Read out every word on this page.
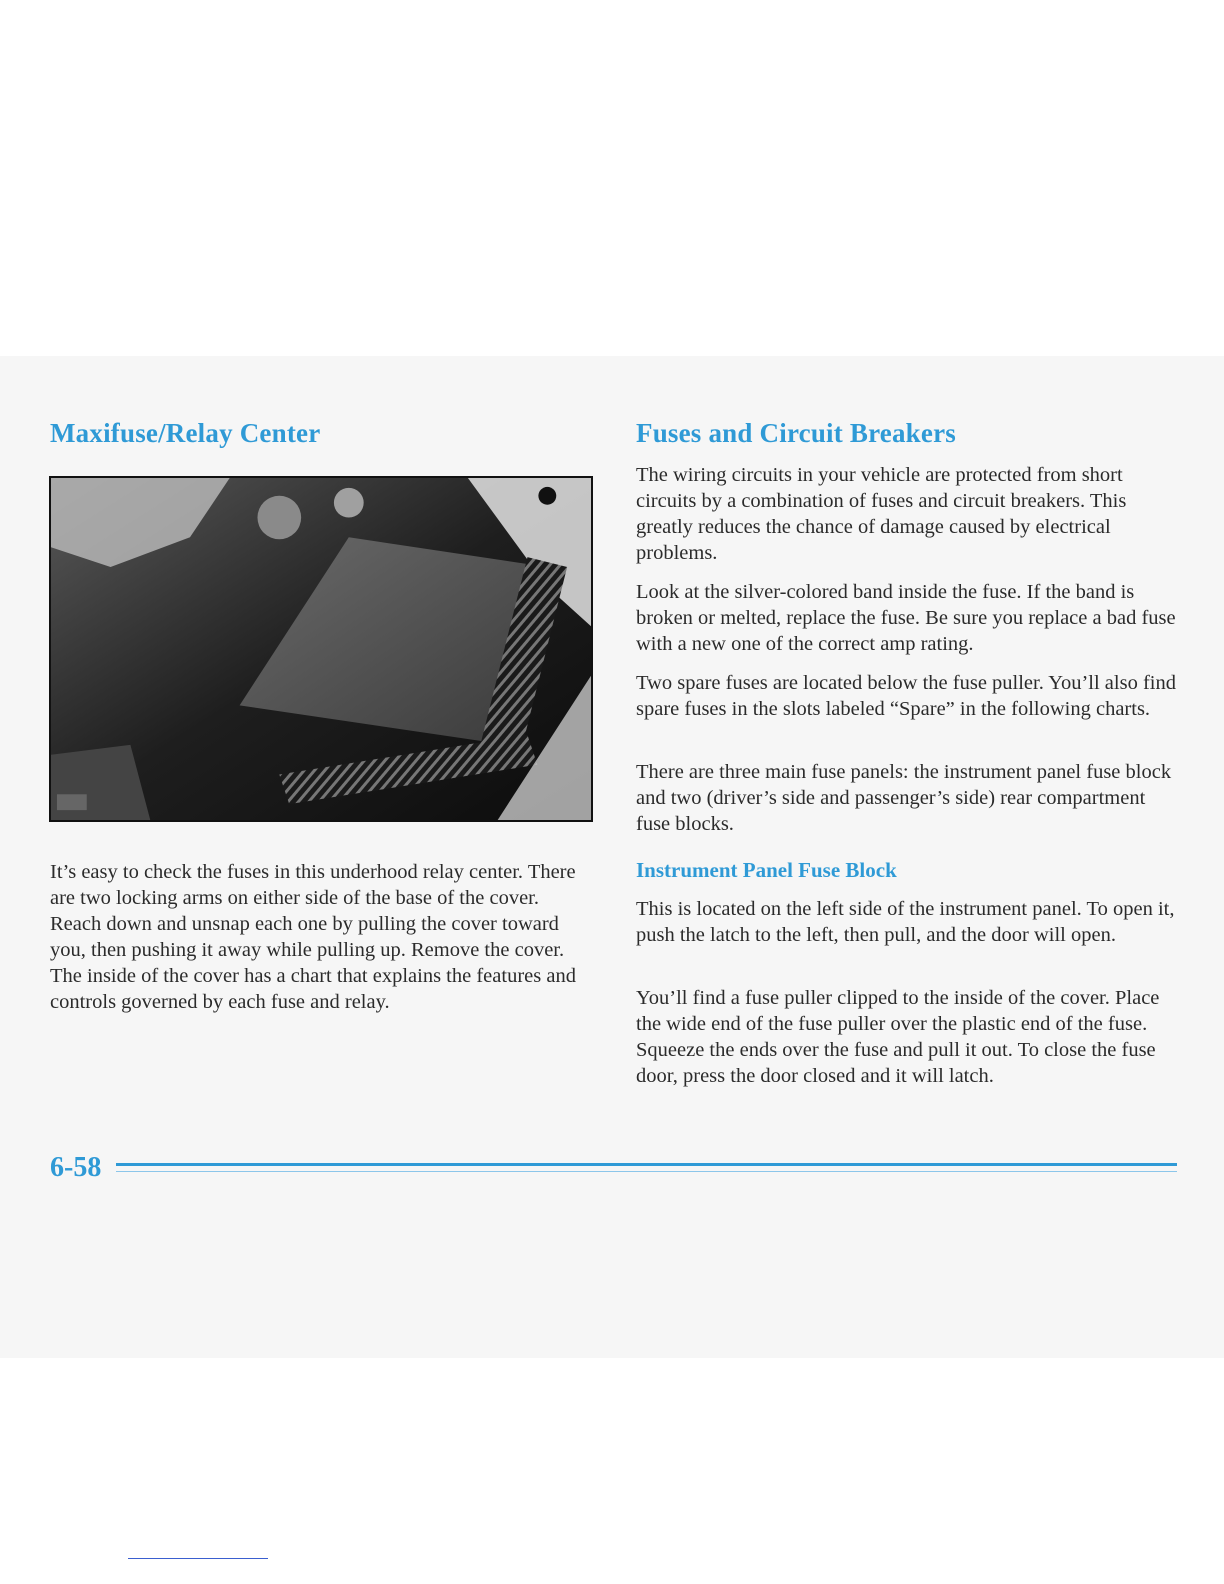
Maxifuse/Relay Center

It’s easy to check the fuses in this underhood relay center. There are two locking arms on either side of the base of the cover. Reach down and unsnap each one by pulling the cover toward you, then pushing it away while pulling up. Remove the cover. The inside of the cover has a chart that explains the features and controls governed by each fuse and relay.

Fuses and Circuit Breakers

The wiring circuits in your vehicle are protected from short circuits by a combination of fuses and circuit breakers. This greatly reduces the chance of damage caused by electrical problems.

Look at the silver-colored band inside the fuse. If the band is broken or melted, replace the fuse. Be sure you replace a bad fuse with a new one of the correct amp rating.

Two spare fuses are located below the fuse puller. You’ll also find spare fuses in the slots labeled “Spare” in the following charts.

There are three main fuse panels: the instrument panel fuse block and two (driver’s side and passenger’s side) rear compartment fuse blocks.

Instrument Panel Fuse Block

This is located on the left side of the instrument panel. To open it, push the latch to the left, then pull, and the door will open.

You’ll find a fuse puller clipped to the inside of the cover. Place the wide end of the fuse puller over the plastic end of the fuse. Squeeze the ends over the fuse and pull it out. To close the fuse door, press the door closed and it will latch.

6-58
